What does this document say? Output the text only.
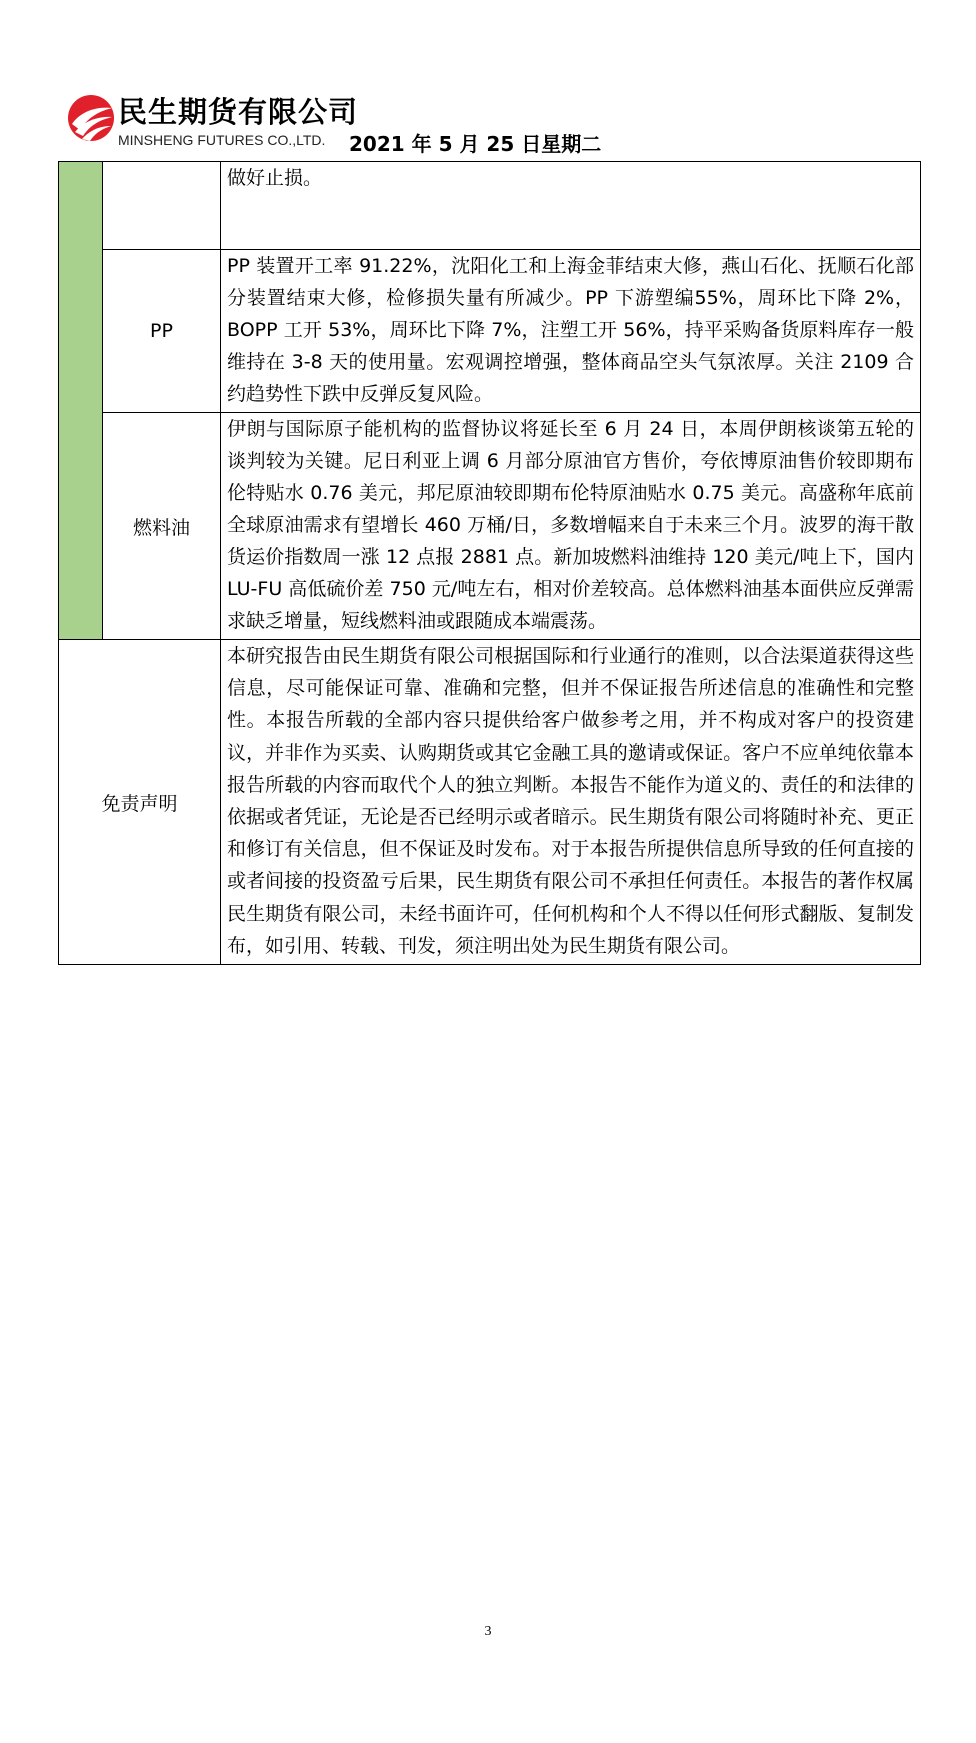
民生期货有限公司
MINSHENG FUTURES CO.,LTD. 2021 年 5 月 25 日星期二
		做好止损。
	PP	PP 装置开工率 91.22%，沈阳化工和上海金菲结束大修，燕山石化、抚顺石化部分装置结束大修，检修损失量有所减少。PP 下游塑编55%，周环比下降 2%，BOPP 工开 53%，周环比下降 7%，注塑工开 56%，持平采购备货原料库存一般维持在 3-8 天的使用量。宏观调控增强，整体商品空头气氛浓厚。关注 2109 合约趋势性下跌中反弹反复风险。
	燃料油	伊朗与国际原子能机构的监督协议将延长至 6 月 24 日，本周伊朗核谈第五轮的谈判较为关键。尼日利亚上调 6 月部分原油官方售价，夸依博原油售价较即期布伦特贴水 0.76 美元，邦尼原油较即期布伦特原油贴水 0.75 美元。高盛称年底前全球原油需求有望增长 460 万桶/日，多数增幅来自于未来三个月。波罗的海干散货运价指数周一涨 12 点报 2881 点。新加坡燃料油维持 120 美元/吨上下，国内 LU-FU 高低硫价差 750 元/吨左右，相对价差较高。总体燃料油基本面供应反弹需求缺乏增量，短线燃料油或跟随成本端震荡。
免责声明		本研究报告由民生期货有限公司根据国际和行业通行的准则，以合法渠道获得这些信息，尽可能保证可靠、准确和完整，但并不保证报告所述信息的准确性和完整性。本报告所载的全部内容只提供给客户做参考之用，并不构成对客户的投资建议，并非作为买卖、认购期货或其它金融工具的邀请或保证。客户不应单纯依靠本报告所载的内容而取代个人的独立判断。本报告不能作为道义的、责任的和法律的依据或者凭证，无论是否已经明示或者暗示。民生期货有限公司将随时补充、更正和修订有关信息，但不保证及时发布。对于本报告所提供信息所导致的任何直接的或者间接的投资盈亏后果，民生期货有限公司不承担任何责任。本报告的著作权属民生期货有限公司，未经书面许可，任何机构和个人不得以任何形式翻版、复制发布，如引用、转载、刊发，须注明出处为民生期货有限公司。
3
